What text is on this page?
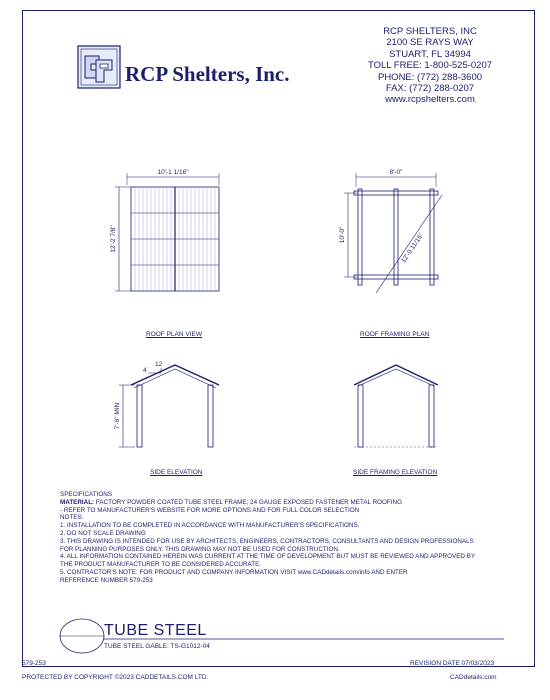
RCP Shelters, Inc.
RCP SHELTERS, INC
2100 SE RAYS WAY
STUART, FL 34994
TOLL FREE: 1-800-525-0207
PHONE: (772) 288-3600
FAX: (772) 288-0207
www.rcpshelters.com
10'-1 1/16"
12'-2 7/8"
ROOF PLAN VIEW
8'-0"
10'-0"	12'-9 11/16"
ROOF FRAMING PLAN
4
12
7'-6" MIN
SIDE ELEVATION	SIDE FRAMING ELEVATION
SPECIFICATIONS
MATERIAL: FACTORY POWDER COATED TUBE STEEL FRAME; 24 GAUGE EXPOSED FASTENER METAL ROOFING
- REFER TO MANUFACTURER'S WEBSITE FOR MORE OPTIONS AND FOR FULL COLOR SELECTION
NOTES:
1. INSTALLATION TO BE COMPLETED IN ACCORDANCE WITH MANUFACTURER'S SPECIFICATIONS.
2. DO NOT SCALE DRAWING
3. THIS DRAWING IS INTENDED FOR USE BY ARCHITECTS, ENGINEERS, CONTRACTORS, CONSULTANTS AND DESIGN PROFESSIONALS
FOR PLANNING PURPOSES ONLY. THIS DRAWING MAY NOT BE USED FOR CONSTRUCTION.
4. ALL INFORMATION CONTAINED HEREIN WAS CURRENT AT THE TIME OF DEVELOPMENT BUT MUST BE REVIEWED AND APPROVED BY
THE PRODUCT MANUFACTURER TO BE CONSIDERED ACCURATE.
5. CONTRACTOR'S NOTE: FOR PRODUCT AND COMPANY INFORMATION VISIT www.CADdetails.com/info AND ENTER
REFERENCE NUMBER 579-253
TUBE STEEL
TUBE STEEL GABLE: TS-G1012-04
579-253	REVISION DATE 07/03/2023
PROTECTED BY COPYRIGHT ©2023 CADDETAILS.COM LTD.	CADdetails.com
